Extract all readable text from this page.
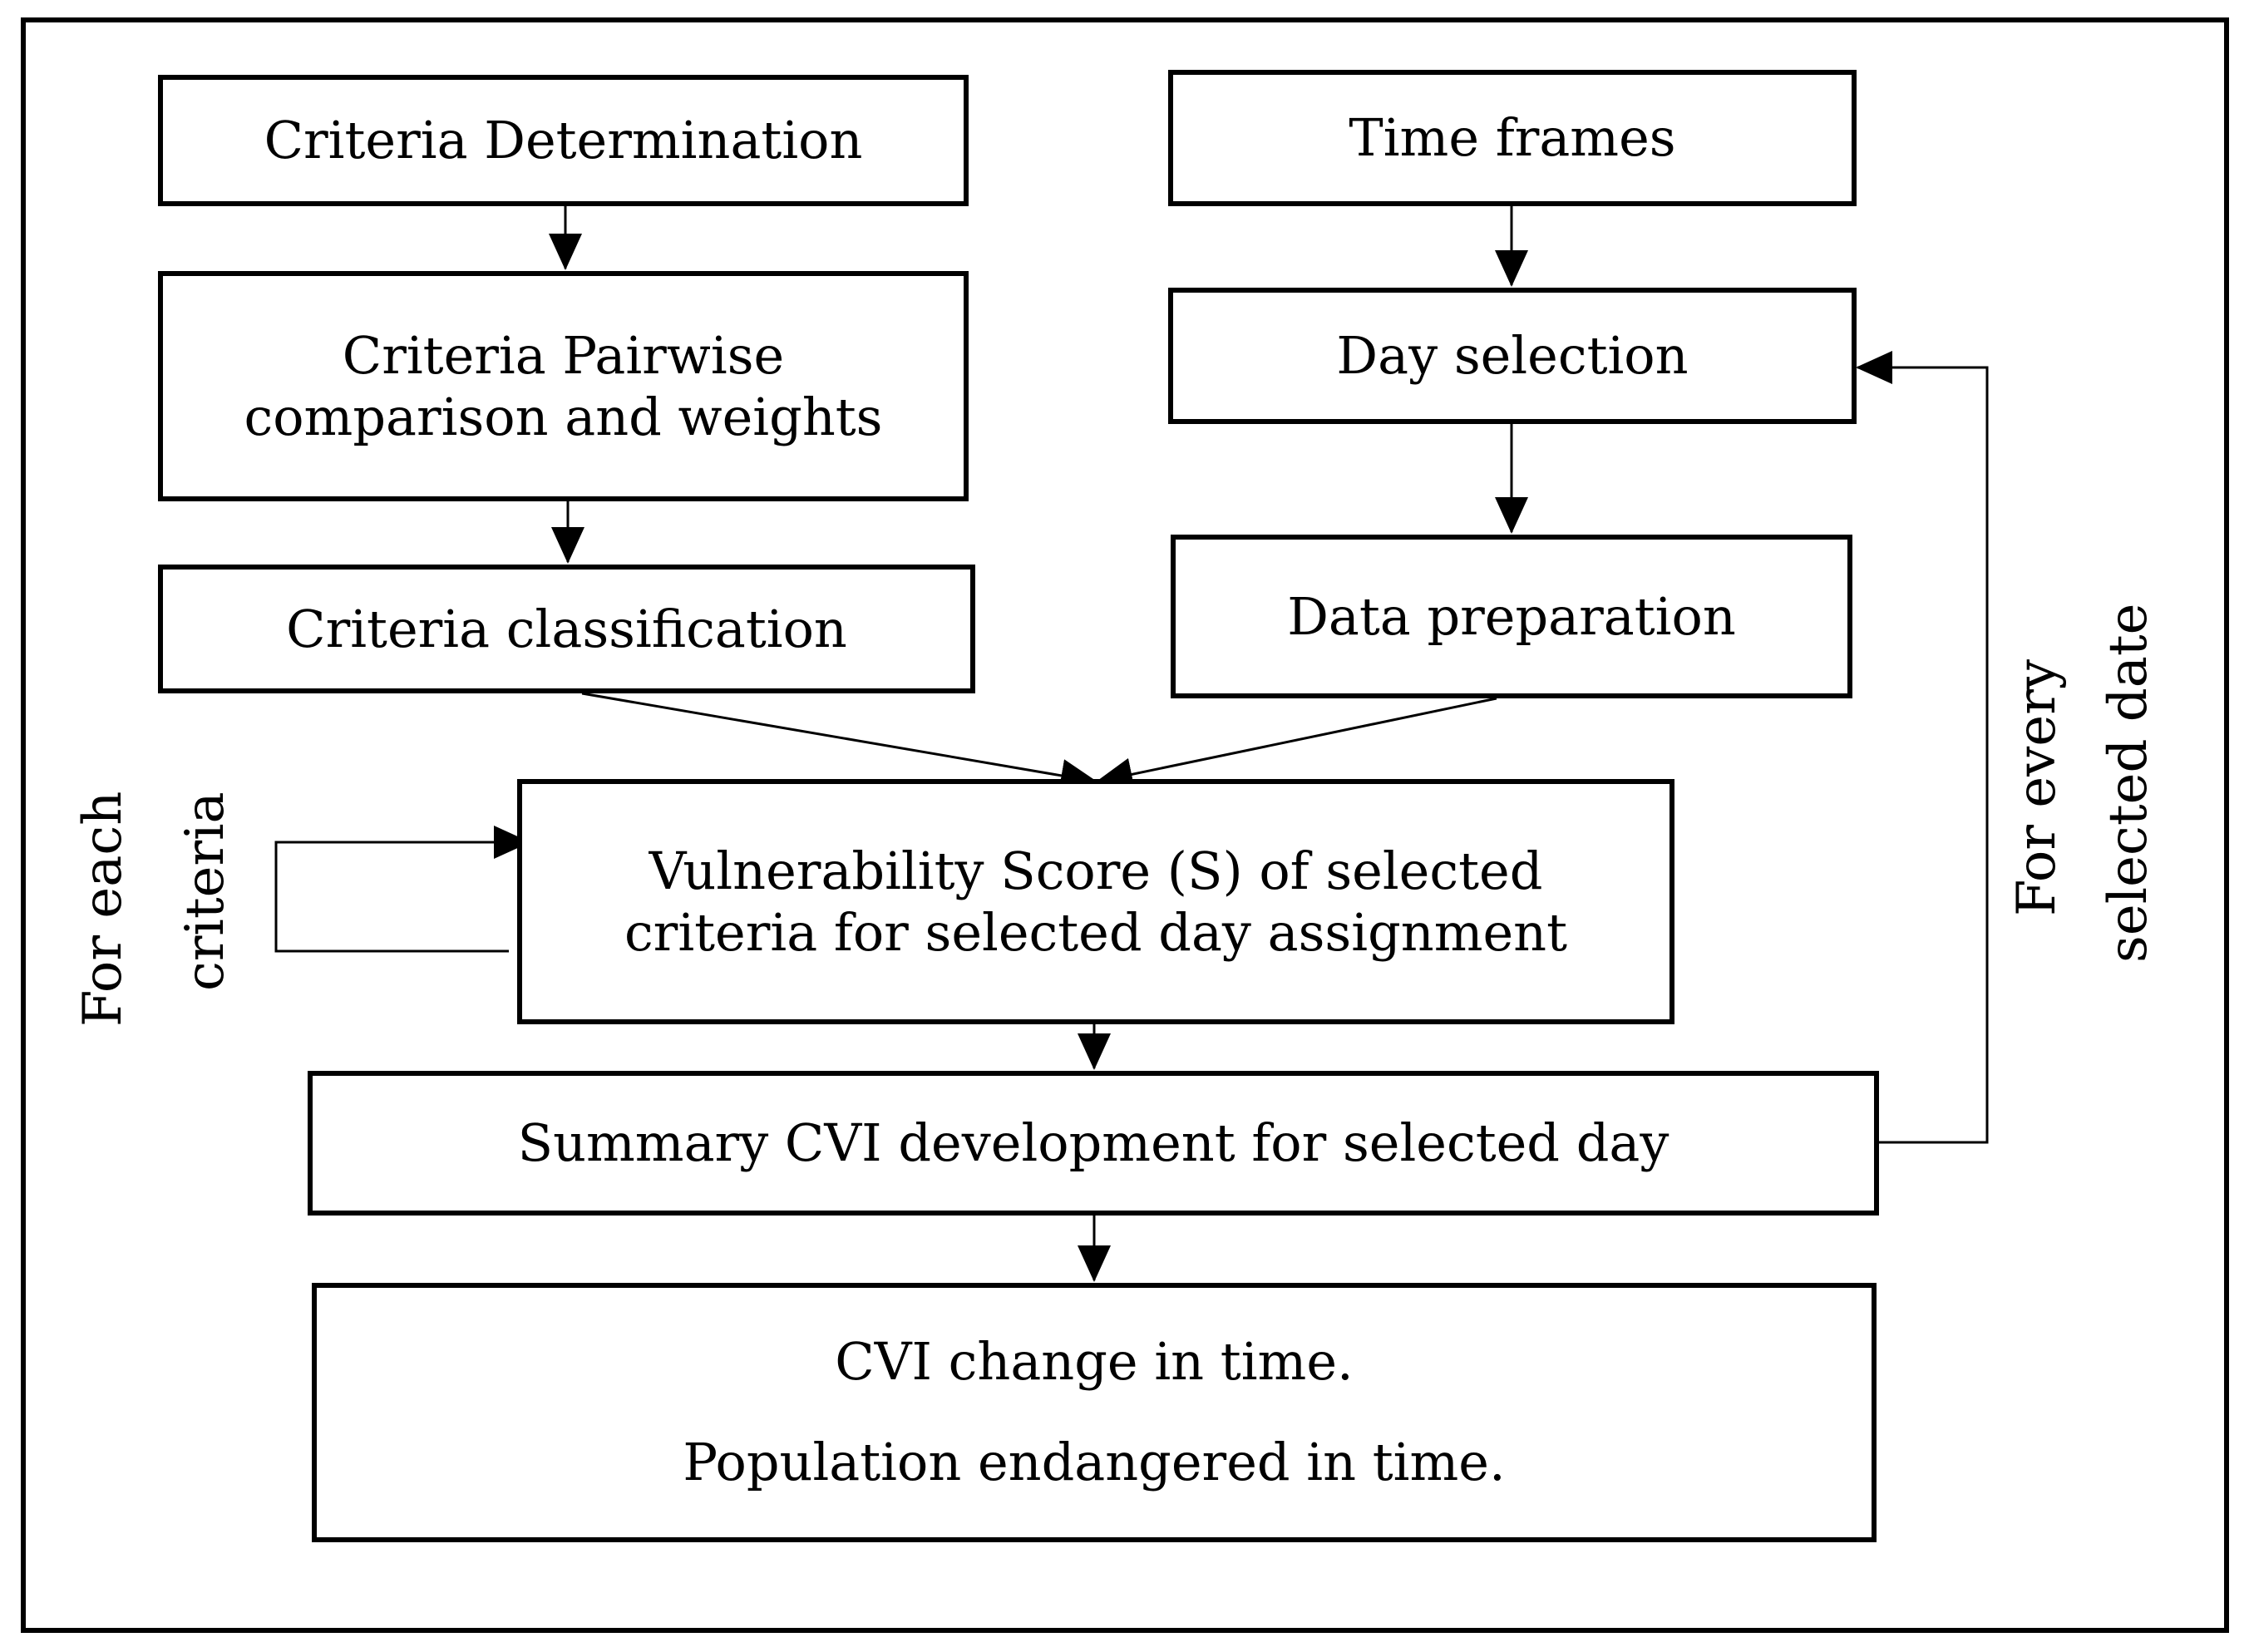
Criteria Determination
Criteria Pairwise
comparison and weights
Criteria classification
Time frames
Day selection
Data preparation
Vulnerability Score (S) of selected
criteria for selected day assignment
Summary CVI development for selected day
CVI change in time.
Population endangered in time.
For each criteria	For every selected date
